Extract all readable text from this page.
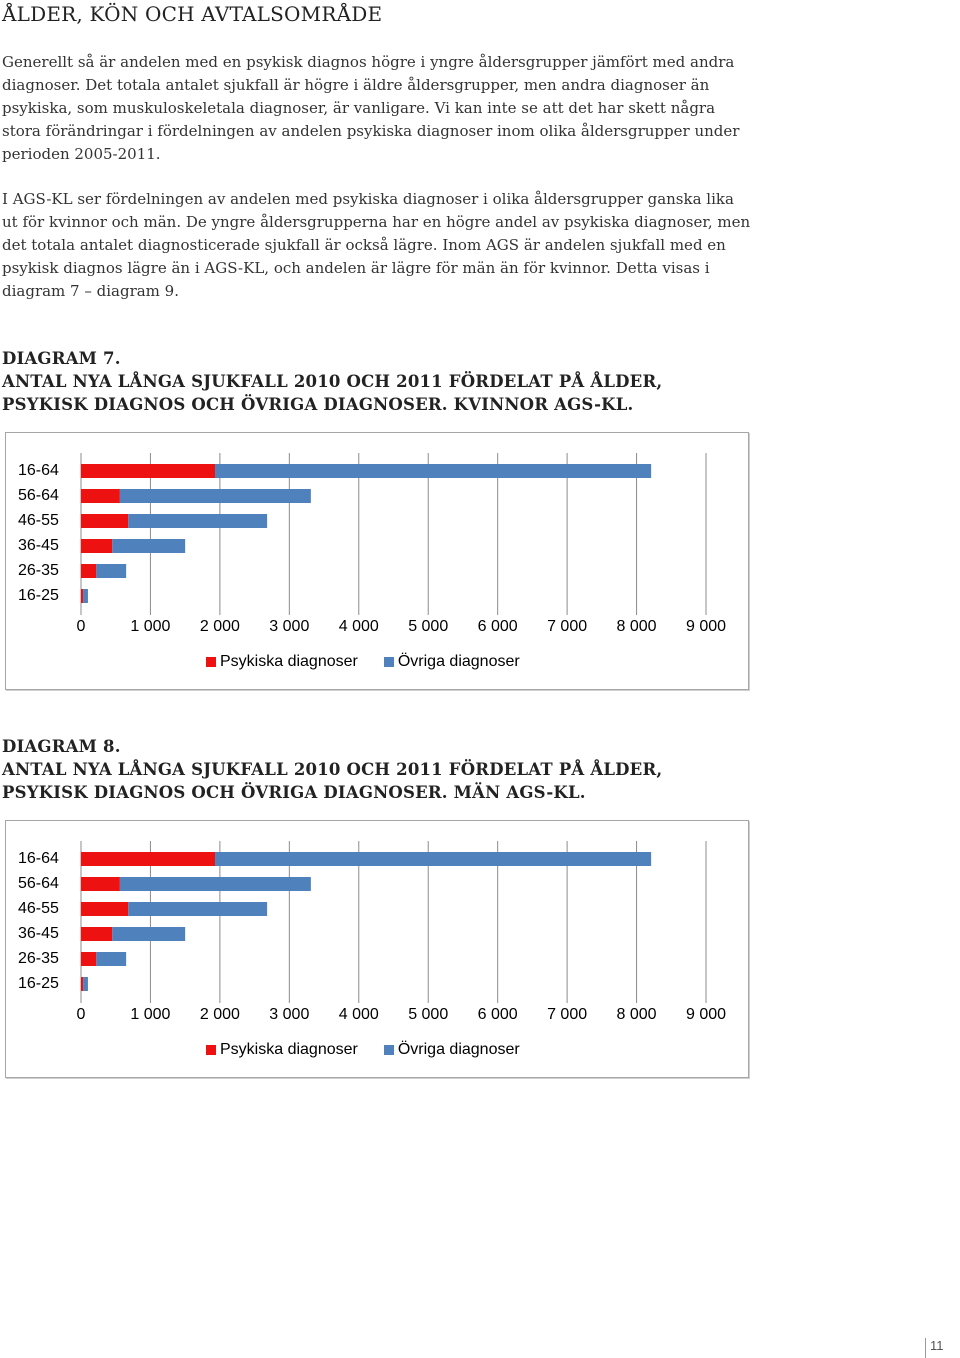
ÅLDER, KÖN OCH AVTALSOMRÅDE

Generellt så är andelen med en psykisk diagnos högre i yngre åldersgrupper jämfört med andra diagnoser. Det totala antalet sjukfall är högre i äldre åldersgrupper, men andra diagnoser än psykiska, som muskuloskeletala diagnoser, är vanligare. Vi kan inte se att det har skett några stora förändringar i fördelningen av andelen psykiska diagnoser inom olika åldersgrupper under perioden 2005-2011.

I AGS-KL ser fördelningen av andelen med psykiska diagnoser i olika åldersgrupper ganska lika ut för kvinnor och män. De yngre åldersgrupperna har en högre andel av psykiska diagnoser, men det totala antalet diagnosticerade sjukfall är också lägre. Inom AGS är andelen sjukfall med en psykisk diagnos lägre än i AGS-KL, och andelen är lägre för män än för kvinnor. Detta visas i diagram 7 – diagram 9.

DIAGRAM 7.
ANTAL NYA LÅNGA SJUKFALL 2010 OCH 2011 FÖRDELAT PÅ ÅLDER,
PSYKISK DIAGNOS OCH ÖVRIGA DIAGNOSER. KVINNOR AGS-KL.
16-64
56-64
46-55
36-45
26-35
16-25
0	1 000 2 000 3 000 4 000 5 000 6 000 7 000 8 000 9 000
Psykiska diagnoser	Övriga diagnoser
DIAGRAM 8.
ANTAL NYA LÅNGA SJUKFALL 2010 OCH 2011 FÖRDELAT PÅ ÅLDER,
PSYKISK DIAGNOS OCH ÖVRIGA DIAGNOSER. MÄN AGS-KL.
16-64
56-64
46-55
36-45
26-35
16-25
0	1 000 2 000 3 000 4 000 5 000 6 000 7 000 8 000 9 000
Psykiska diagnoser	Övriga diagnoser
11
